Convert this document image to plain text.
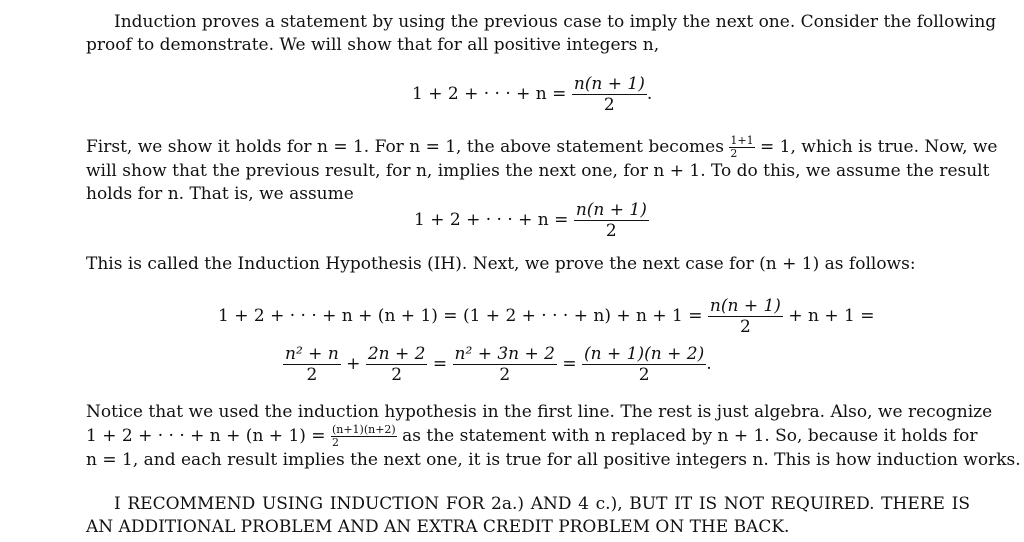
Induction proves a statement by using the previous case to imply the next one. Consider the following
proof to demonstrate. We will show that for all positive integers n,
1 + 2 + · · · + $n = \frac{n(n + 1)}{2}$ .
First, we show it holds for n = 1. For n = 1, the above statement becomes $\frac{1+1}{2} = 1$, which is true. Now, we
will show that the previous result, for n, implies the next one, for n + 1. To do this, we assume the result
holds for n. That is, we assume
1 + 2 + · · · + $n = \frac{n(n + 1)}{2}$
This is called the Induction Hypothesis (IH). Next, we prove the next case for (n + 1) as follows:
1 + 2 + · · · + n + (n + 1) = (1 + 2 + · · · + $n) + n + 1 = \frac{n(n + 1)}{2} + n + 1$ =
$\frac{\text{n² + n}}{2} + \frac{2n + 2}{2} = \frac{\text{n² + 3n + 2}}{2} = \frac{(n + 1)(n + 2)}{2}$ .
Notice that we used the induction hypothesis in the first line. The rest is just algebra. Also, we recognize
1 + 2 + · · · + $n + (n + 1) = \frac{(n+1)(n+2)}{2}$ as the statement with n replaced by n + 1. So, because it holds for
n = 1, and each result implies the next one, it is true for all positive integers n. This is how induction works.
I RECOMMEND USING INDUCTION FOR 2a.) AND 4 c.), BUT IT IS NOT REQUIRED. THERE IS
AN ADDITIONAL PROBLEM AND AN EXTRA CREDIT PROBLEM ON THE BACK.
